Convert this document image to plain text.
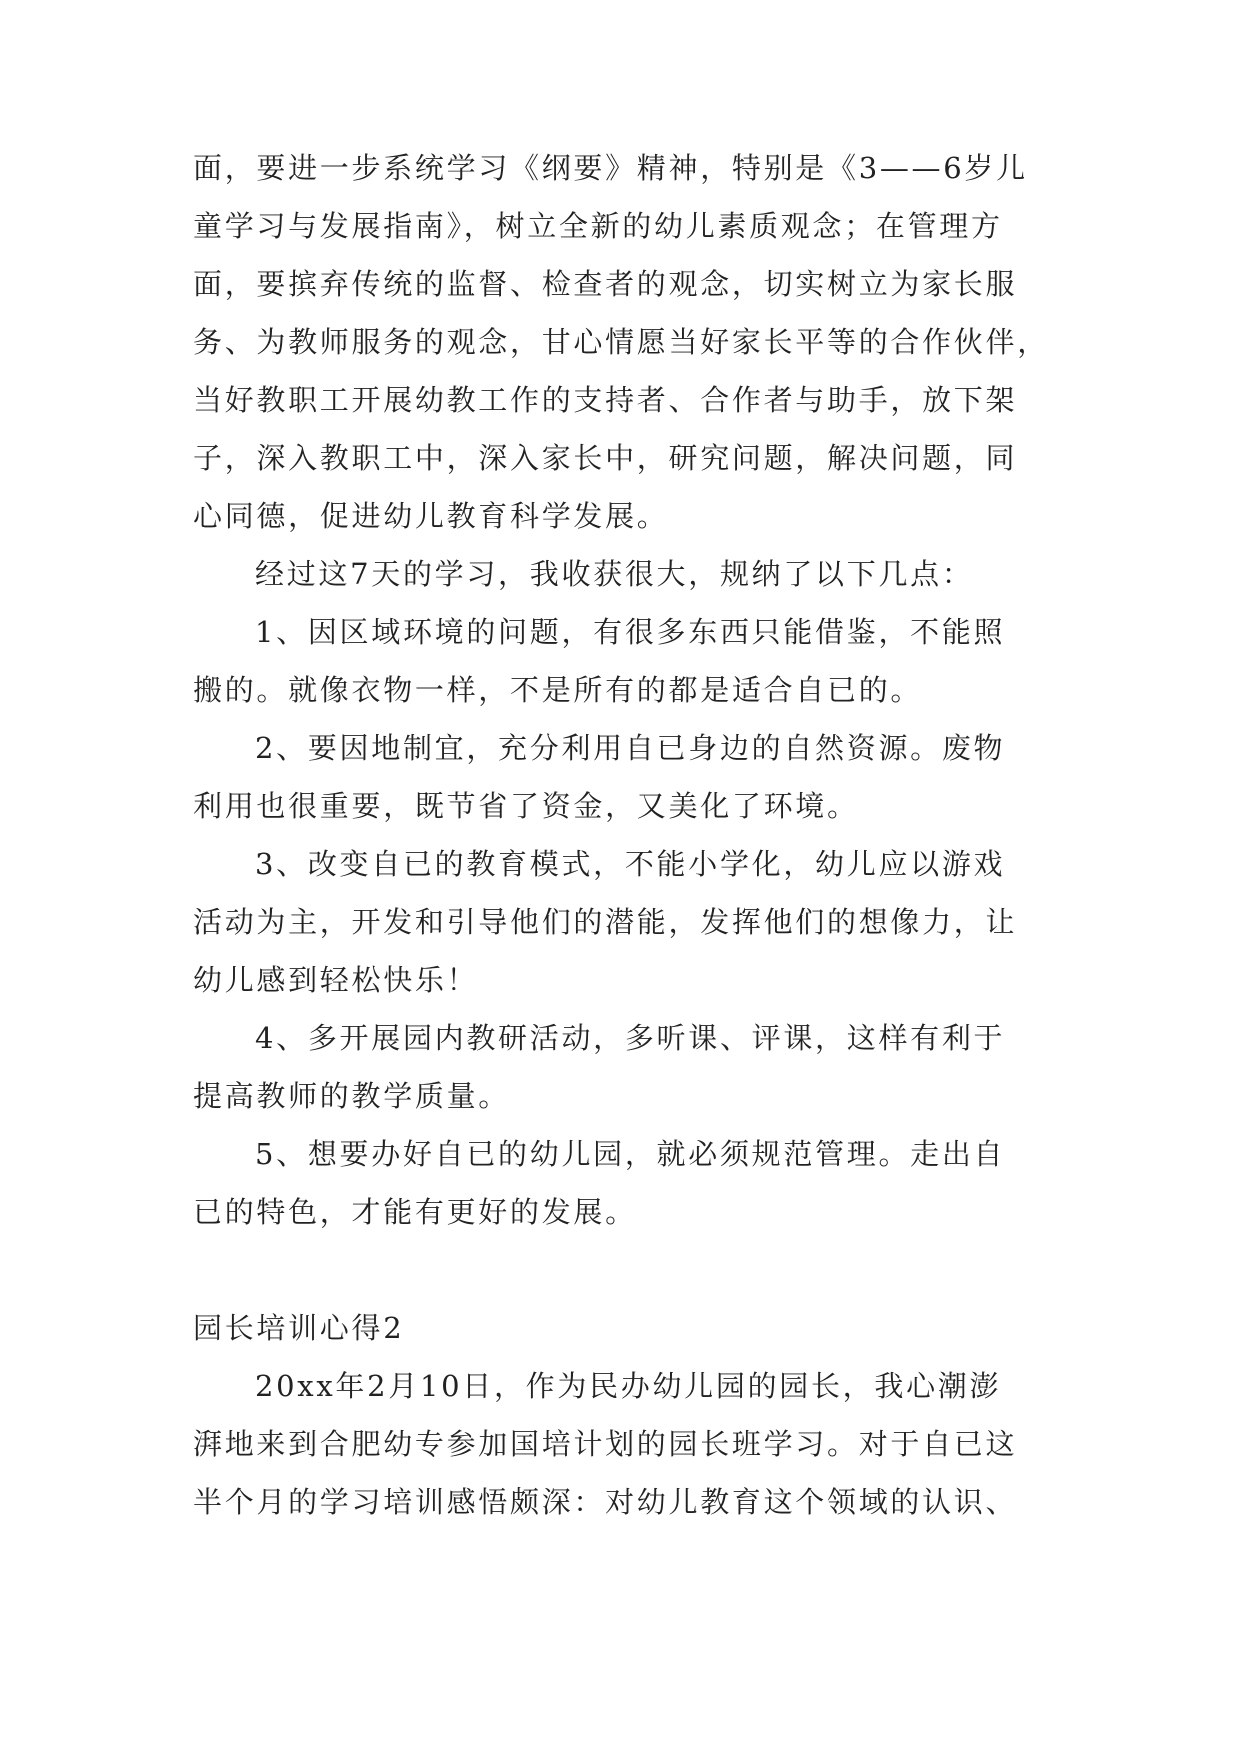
面，要进一步系统学习《纲要》精神，特别是《3——6岁儿
童学习与发展指南》，树立全新的幼儿素质观念；在管理方
面，要摈弃传统的监督、检查者的观念，切实树立为家长服
务、为教师服务的观念，甘心情愿当好家长平等的合作伙伴，
当好教职工开展幼教工作的支持者、合作者与助手，放下架
子，深入教职工中，深入家长中，研究问题，解决问题，同
心同德，促进幼儿教育科学发展。
经过这7天的学习，我收获很大，规纳了以下几点：
1、因区域环境的问题，有很多东西只能借鉴，不能照
搬的。就像衣物一样，不是所有的都是适合自已的。
2、要因地制宜，充分利用自已身边的自然资源。废物
利用也很重要，既节省了资金，又美化了环境。
3、改变自已的教育模式，不能小学化，幼儿应以游戏
活动为主，开发和引导他们的潜能，发挥他们的想像力，让
幼儿感到轻松快乐！
4、多开展园内教研活动，多听课、评课，这样有利于
提高教师的教学质量。
5、想要办好自已的幼儿园，就必须规范管理。走出自
已的特色，才能有更好的发展。
园长培训心得2
20xx年2月10日，作为民办幼儿园的园长，我心潮澎
湃地来到合肥幼专参加国培计划的园长班学习。对于自已这
半个月的学习培训感悟颇深：对幼儿教育这个领域的认识、
